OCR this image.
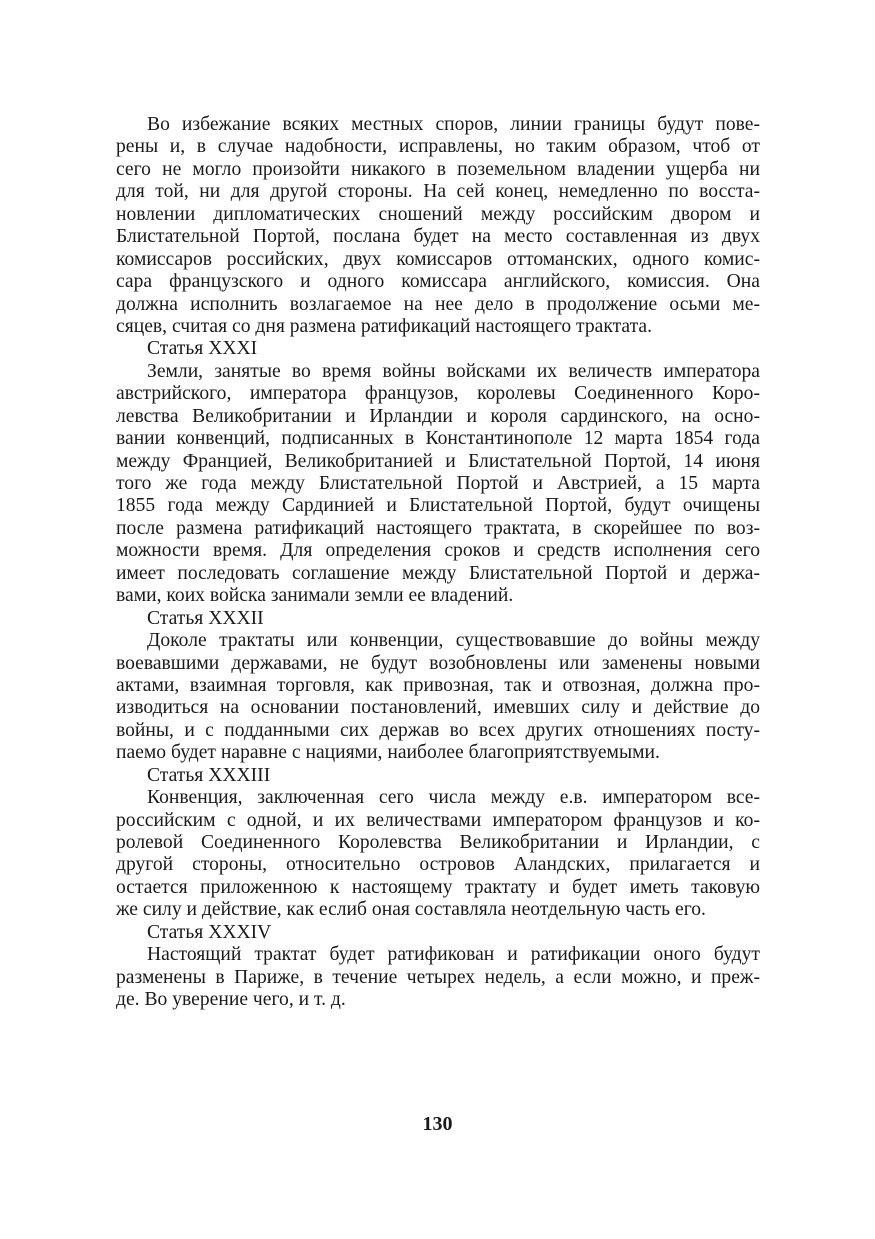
Во избежание всяких местных споров, линии границы будут пове-
рены и, в случае надобности, исправлены, но таким образом, чтоб от
сего не могло произойти никакого в поземельном владении ущерба ни
для той, ни для другой стороны. На сей конец, немедленно по восста-
новлении дипломатических сношений между российским двором и
Блистательной Портой, послана будет на место составленная из двух
комиссаров российских, двух комиссаров оттоманских, одного комис-
сара французского и одного комиссара английского, комиссия. Она
должна исполнить возлагаемое на нее дело в продолжение осьми ме-
сяцев, считая со дня размена ратификаций настоящего трактата.
Статья XXXI
Земли, занятые во время войны войсками их величеств императора
австрийского, императора французов, королевы Соединенного Коро-
левства Великобритании и Ирландии и короля сардинского, на осно-
вании конвенций, подписанных в Константинополе 12 марта 1854 года
между Францией, Великобританией и Блистательной Портой, 14 июня
того же года между Блистательной Портой и Австрией, а 15 марта
1855 года между Сардинией и Блистательной Портой, будут очищены
после размена ратификаций настоящего трактата, в скорейшее по воз-
можности время. Для определения сроков и средств исполнения сего
имеет последовать соглашение между Блистательной Портой и держа-
вами, коих войска занимали земли ее владений.
Статья XXXII
Доколе трактаты или конвенции, существовавшие до войны между
воевавшими державами, не будут возобновлены или заменены новыми
актами, взаимная торговля, как привозная, так и отвозная, должна про-
изводиться на основании постановлений, имевших силу и действие до
войны, и с подданными сих держав во всех других отношениях посту-
паемо будет наравне с нациями, наиболее благоприятствуемыми.
Статья XXXIII
Конвенция, заключенная сего числа между е.в. императором все-
российским с одной, и их величествами императором французов и ко-
ролевой Соединенного Королевства Великобритании и Ирландии, с
другой стороны, относительно островов Аландских, прилагается и
остается приложенною к настоящему трактату и будет иметь таковую
же силу и действие, как еслиб оная составляла неотдельную часть его.
Статья XXXIV
Настоящий трактат будет ратификован и ратификации оного будут
разменены в Париже, в течение четырех недель, а если можно, и преж-
де. Во уверение чего, и т. д.
130
